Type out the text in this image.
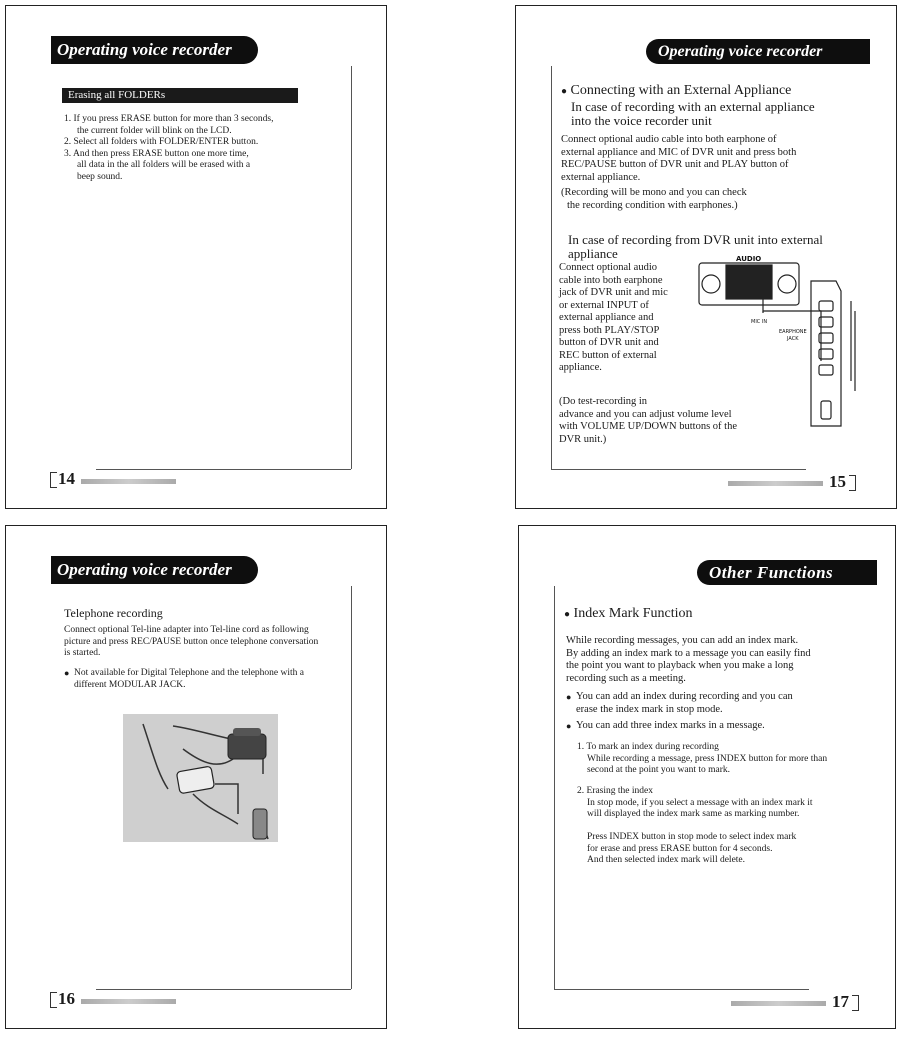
Operating voice recorder
Erasing all FOLDERs
1. If you press ERASE button for more than 3 seconds,
the current folder will blink on the LCD.
2. Select all folders with FOLDER/ENTER button.
3. And then press ERASE button one more time,
all data in the all folders will be erased with a
beep sound.
14
Operating voice recorder
● Connecting with an External Appliance
In case of recording with an external appliance
into the voice recorder unit
Connect optional audio cable into both earphone of
external appliance and MIC of DVR unit and press both
REC/PAUSE button of DVR unit and PLAY button of
external appliance.
(Recording will be mono and you can check
the recording condition with earphones.)
In case of recording from DVR unit into external
appliance
Connect optional audio
cable into both earphone
jack of DVR unit and mic
or external INPUT of
external appliance and
press both PLAY/STOP
button of DVR unit and
REC button of external
appliance.
AUDIO
MIC IN
EARPHONE
JACK
(Do test-recording in
advance and you can adjust volume level
with VOLUME UP/DOWN buttons of the
DVR unit.)
15
Operating voice recorder
Telephone recording
Connect optional Tel-line adapter into Tel-line cord as following
picture and press REC/PAUSE button once telephone conversation
is started.
● Not available for Digital Telephone and the telephone with a
different MODULAR JACK.
16
Other Functions
● Index Mark Function
While recording messages, you can add an index mark.
By adding an index mark to a message you can easily find
the point you want to playback when you make a long
recording such as a meeting.
● You can add an index during recording and you can
erase the index mark in stop mode.
● You can add three index marks in a message.
1. To mark an index during recording
While recording a message, press INDEX button for more than
second at the point you want to mark.
2. Erasing the index
In stop mode, if you select a message with an index mark it
will displayed the index mark same as marking number.
Press INDEX button in stop mode to select index mark
for erase and press ERASE button for 4 seconds.
And then selected index mark will delete.
17
